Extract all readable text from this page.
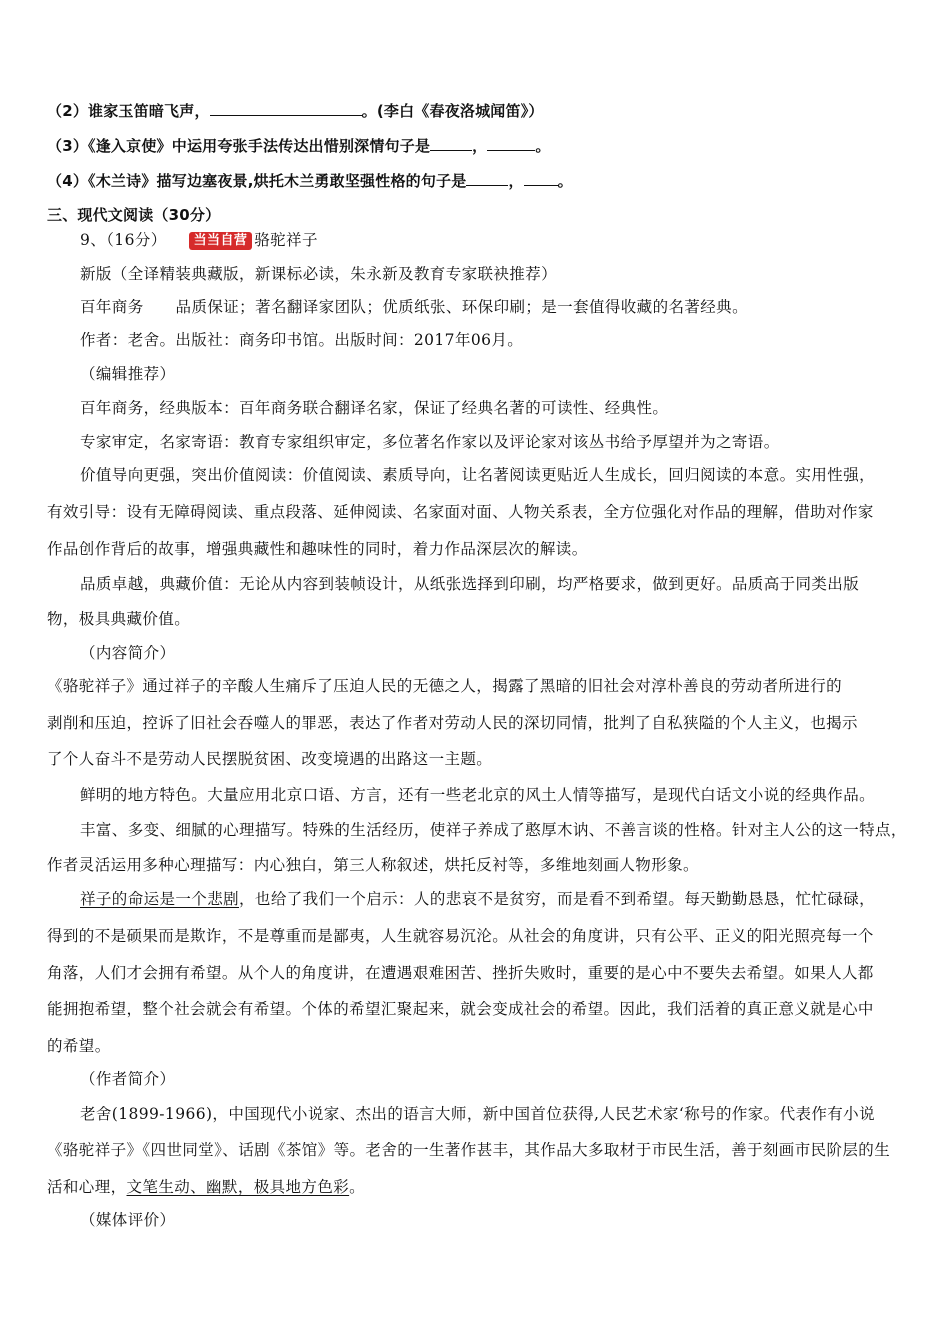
（2）谁家玉笛暗飞声，	。(李白《春夜洛城闻笛》）
（3）《逢入京使》中运用夸张手法传达出惜别深情句子是	，	。
（4）《木兰诗》描写边塞夜景,烘托木兰勇敢坚强性格的句子是	， 。
三、现代文阅读（30分）
9、（16分） 当当自营 骆驼祥子
新版（全译精装典藏版，新课标必读，朱永新及教育专家联袂推荐）
百年商务      品质保证；著名翻译家团队；优质纸张、环保印刷；是一套值得收藏的名著经典。
作者：老舍。出版社：商务印书馆。出版时间：2017年06月。
（编辑推荐）
百年商务，经典版本：百年商务联合翻译名家，保证了经典名著的可读性、经典性。
专家审定，名家寄语：教育专家组织审定，多位著名作家以及评论家对该丛书给予厚望并为之寄语。
价值导向更强，突出价值阅读：价值阅读、素质导向，让名著阅读更贴近人生成长，回归阅读的本意。实用性强，
有效引导：设有无障碍阅读、重点段落、延伸阅读、名家面对面、人物关系表，全方位强化对作品的理解，借助对作家
作品创作背后的故事，增强典藏性和趣味性的同时，着力作品深层次的解读。
品质卓越，典藏价值：无论从内容到装帧设计，从纸张选择到印刷，均严格要求，做到更好。品质高于同类出版
物，极具典藏价值。
（内容简介）
《骆驼祥子》通过祥子的辛酸人生痛斥了压迫人民的无德之人，揭露了黑暗的旧社会对淳朴善良的劳动者所进行的
剥削和压迫，控诉了旧社会吞噬人的罪恶，表达了作者对劳动人民的深切同情，批判了自私狭隘的个人主义，也揭示
了个人奋斗不是劳动人民摆脱贫困、改变境遇的出路这一主题。
鲜明的地方特色。大量应用北京口语、方言，还有一些老北京的风土人情等描写，是现代白话文小说的经典作品。
丰富、多变、细腻的心理描写。特殊的生活经历，使祥子养成了憨厚木讷、不善言谈的性格。针对主人公的这一特点，
作者灵活运用多种心理描写：内心独白，第三人称叙述，烘托反衬等，多维地刻画人物形象。
祥子的命运是一个悲剧，也给了我们一个启示：人的悲哀不是贫穷，而是看不到希望。每天勤勤恳恳，忙忙碌碌，
得到的不是硕果而是欺诈，不是尊重而是鄙夷，人生就容易沉沦。从社会的角度讲，只有公平、正义的阳光照亮每一个
角落，人们才会拥有希望。从个人的角度讲，在遭遇艰难困苦、挫折失败时，重要的是心中不要失去希望。如果人人都
能拥抱希望，整个社会就会有希望。个体的希望汇聚起来，就会变成社会的希望。因此，我们活着的真正意义就是心中
的希望。
（作者简介）
老舍(1899-1966)，中国现代小说家、杰出的语言大师，新中国首位获得,人民艺术家‘称号的作家。代表作有小说
《骆驼祥子》《四世同堂》、话剧《茶馆》等。老舍的一生著作甚丰，其作品大多取材于市民生活，善于刻画市民阶层的生
活和心理，文笔生动、幽默，极具地方色彩。
（媒体评价）
